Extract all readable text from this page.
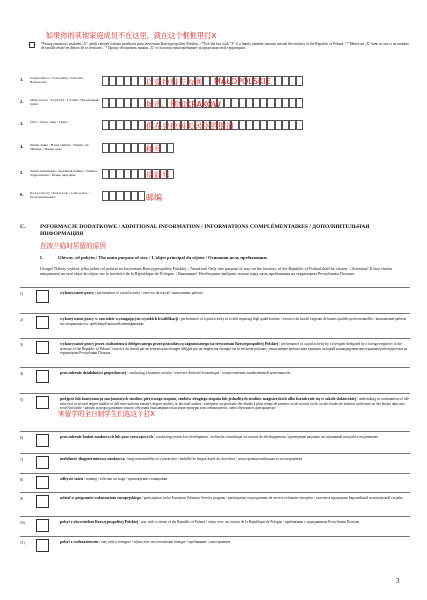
如果你的其他家庭成员不在这里，就在这个框框里打X
*Proszę zaznaczyć znakiem „X", jeżeli członek rodziny przebywa poza terytorium Rzeczypospolitej Polskiej. / *Tick the box with "X" if a family member remains outside the territory of the Republic of Poland. / * Mettez un „X" dans la case si un membre de famille réside en dehors de ce territoire. / * Прошу обозначить знаком „X" если член семьи пребывает за пределами этой территории.
1. Województwo / Voivodship / Voïvodie / Воеводство	以克拉科夫为例 MAŁOPOLSKIE
2. Miejscowość / Town/city / Localité / Населенный пункт	城市，例如KRAKÓW
3. Ulica / Street / Rue / Улица	你在克拉科夫居住的街道
4. Numer domu / House number / Numéro du bâtiment / Номер дома	楼号
5. Numer mieszkania / Apartment number / Numéro d'appartement / Номер квартиры	房间号
6. Kod pocztowy / Postal code / Code postal / Почтовый индекс	邮编
C.	INFORMACJE DODATKOWE / ADDITIONAL INFORMATION / INFORMATIONS COMPLÉMENTAIRES / ДОПОЛНИТЕЛЬНАЯ ИНФОРМАЦИЯ
在波兰临时居留的原因
I.	Główny cel pobytu / The main purpose of stay / L'objet principal du séjour / Основная цель пребывания:
Uwaga! Należy wybrać tylko jeden cel pobytu na terytorium Rzeczypospolitej Polskiej. / Attention! Only one purpose of stay on the territory of the Republic of Poland shall be chosen. / Attention! Il faut choisir uniquement un seul objet du séjour sur le territoire de la République de Pologne. / Внимание! Необходимо выбрать только одну цель пребывания на территории Республики Польша.
1)	wykonywanie pracy / performance of a paid activity / exercice du travail / выполнение работы
2)	wykonywanie pracy w zawodzie wymagającym wysokich kwalifikacji / performance of a paid activity in a field requiring high qualifications / exercice du travail exigeant de hautes qualités professionnelles / выполнение работы по специальности, требующей высокой квалификации
3)	wykonywanie pracy przez cudzoziemca delegowanego przez pracodawcę zagranicznego na terytorium Rzeczypospolitej Polskiej / performance of a paid activity by a foreigner delegated by a foreign employer to the territory of the Republic of Poland / exercice du travail par un ressortissant étranger délégué par un employeur étranger sur le territoire polonais / выполнение работы иностранцем, который командирован иностранным работодателем на территорию Республики Польша
4)	prowadzenie działalności gospodarczej / conducting a business activity / exercice d'activité économique / осуществление хозяйственной деятельности
5)	podjęcie lub kontynuacja stacjonarnych studiów pierwszego stopnia, studiów drugiego stopnia lub jednolitych studiów magisterskich albo kształcenie się w szkole doktorskiej / undertaking or continuation of full-time first or second degree studies or full-time uniform master's degree studies, or doctoral studies / entreprise ou poursuite des études à plein temps de premier ou de second cycle, ou des études de maîtrise uniformes ou des études dans une école doctorale / начало или продолжение очного обучения бакалавриата или магистратуры или специалитета, либо обучение в докторантуре
6)	prowadzenie badań naukowych lub prac rozwojowych / conducting research or development / recherche scientifique ou travaux de développement / проведение научных исследований или работ по развитию
7)	mobilność długoterminowa naukowca / long-term mobility of a researcher / mobilité de longue durée du chercheur / долгосрочная мобильность исследователя
8)	odbycie stażu / training / effectuer un stage / прохождение стажировки
9)	udział w programie wolontariatu europejskiego / participation in the European Voluntary Service program / participation au programme de service volontaire européen / участие в программе Европейской волонтерской службы
10)	pobyt z obywatelem Rzeczypospolitej Polskiej / stay with a citizen of the Republic of Poland / séjour avec un citoyen de la République de Pologne / пребывание с гражданином Республики Польша
11)	pobyt z cudzoziemcem / stay with a foreigner / séjour avec un ressortissant étranger / пребывание с иностранцем
来留学的全日制学生们选这个打X
3
